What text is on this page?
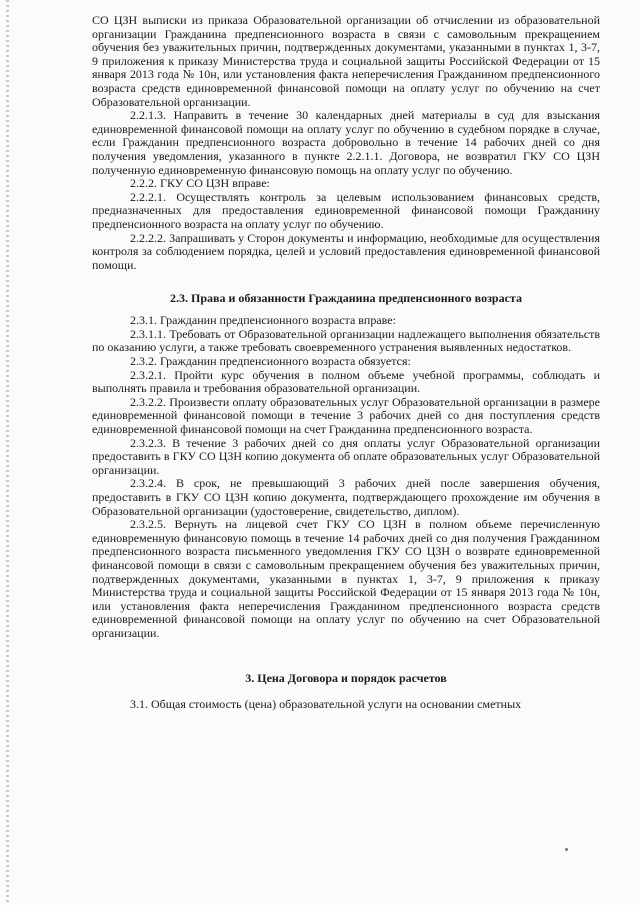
СО ЦЗН выписки из приказа Образовательной организации об отчислении из образовательной организации Гражданина предпенсионного возраста в связи с самовольным прекращением обучения без уважительных причин, подтвержденных документами, указанными в пунктах 1, 3-7, 9 приложения к приказу Министерства труда и социальной защиты Российской Федерации от 15 января 2013 года № 10н, или установления факта неперечисления Гражданином предпенсионного возраста средств единовременной финансовой помощи на оплату услуг по обучению на счет Образовательной организации.

2.2.1.3. Направить в течение 30 календарных дней материалы в суд для взыскания единовременной финансовой помощи на оплату услуг по обучению в судебном порядке в случае, если Гражданин предпенсионного возраста добровольно в течение 14 рабочих дней со дня получения уведомления, указанного в пункте 2.2.1.1. Договора, не возвратил ГКУ СО ЦЗН полученную единовременную финансовую помощь на оплату услуг по обучению.

2.2.2. ГКУ СО ЦЗН вправе:

2.2.2.1. Осуществлять контроль за целевым использованием финансовых средств, предназначенных для предоставления единовременной финансовой помощи Гражданину предпенсионного возраста на оплату услуг по обучению.

2.2.2.2. Запрашивать у Сторон документы и информацию, необходимые для осуществления контроля за соблюдением порядка, целей и условий предоставления единовременной финансовой помощи.

2.3. Права и обязанности Гражданина предпенсионного возраста

2.3.1. Гражданин предпенсионного возраста вправе:

2.3.1.1. Требовать от Образовательной организации надлежащего выполнения обязательств по оказанию услуги, а также требовать своевременного устранения выявленных недостатков.

2.3.2. Гражданин предпенсионного возраста обязуется:

2.3.2.1. Пройти курс обучения в полном объеме учебной программы, соблюдать и выполнять правила и требования образовательной организации.

2.3.2.2. Произвести оплату образовательных услуг Образовательной организации в размере единовременной финансовой помощи в течение 3 рабочих дней со дня поступления средств единовременной финансовой помощи на счет Гражданина предпенсионного возраста.

2.3.2.3. В течение 3 рабочих дней со дня оплаты услуг Образовательной организации предоставить в ГКУ СО ЦЗН копию документа об оплате образовательных услуг Образовательной организации.

2.3.2.4. В срок, не превышающий 3 рабочих дней после завершения обучения, предоставить в ГКУ СО ЦЗН копию документа, подтверждающего прохождение им обучения в Образовательной организации (удостоверение, свидетельство, диплом).

2.3.2.5. Вернуть на лицевой счет ГКУ СО ЦЗН в полном объеме перечисленную единовременную финансовую помощь в течение 14 рабочих дней со дня получения Гражданином предпенсионного возраста письменного уведомления ГКУ СО ЦЗН о возврате единовременной финансовой помощи в связи с самовольным прекращением обучения без уважительных причин, подтвержденных документами, указанными в пунктах 1, 3-7, 9 приложения к приказу Министерства труда и социальной защиты Российской Федерации от 15 января 2013 года № 10н, или установления факта неперечисления Гражданином предпенсионного возраста средств единовременной финансовой помощи на оплату услуг по обучению на счет Образовательной организации.

3. Цена Договора и порядок расчетов

3.1. Общая стоимость (цена) образовательной услуги на основании сметных
